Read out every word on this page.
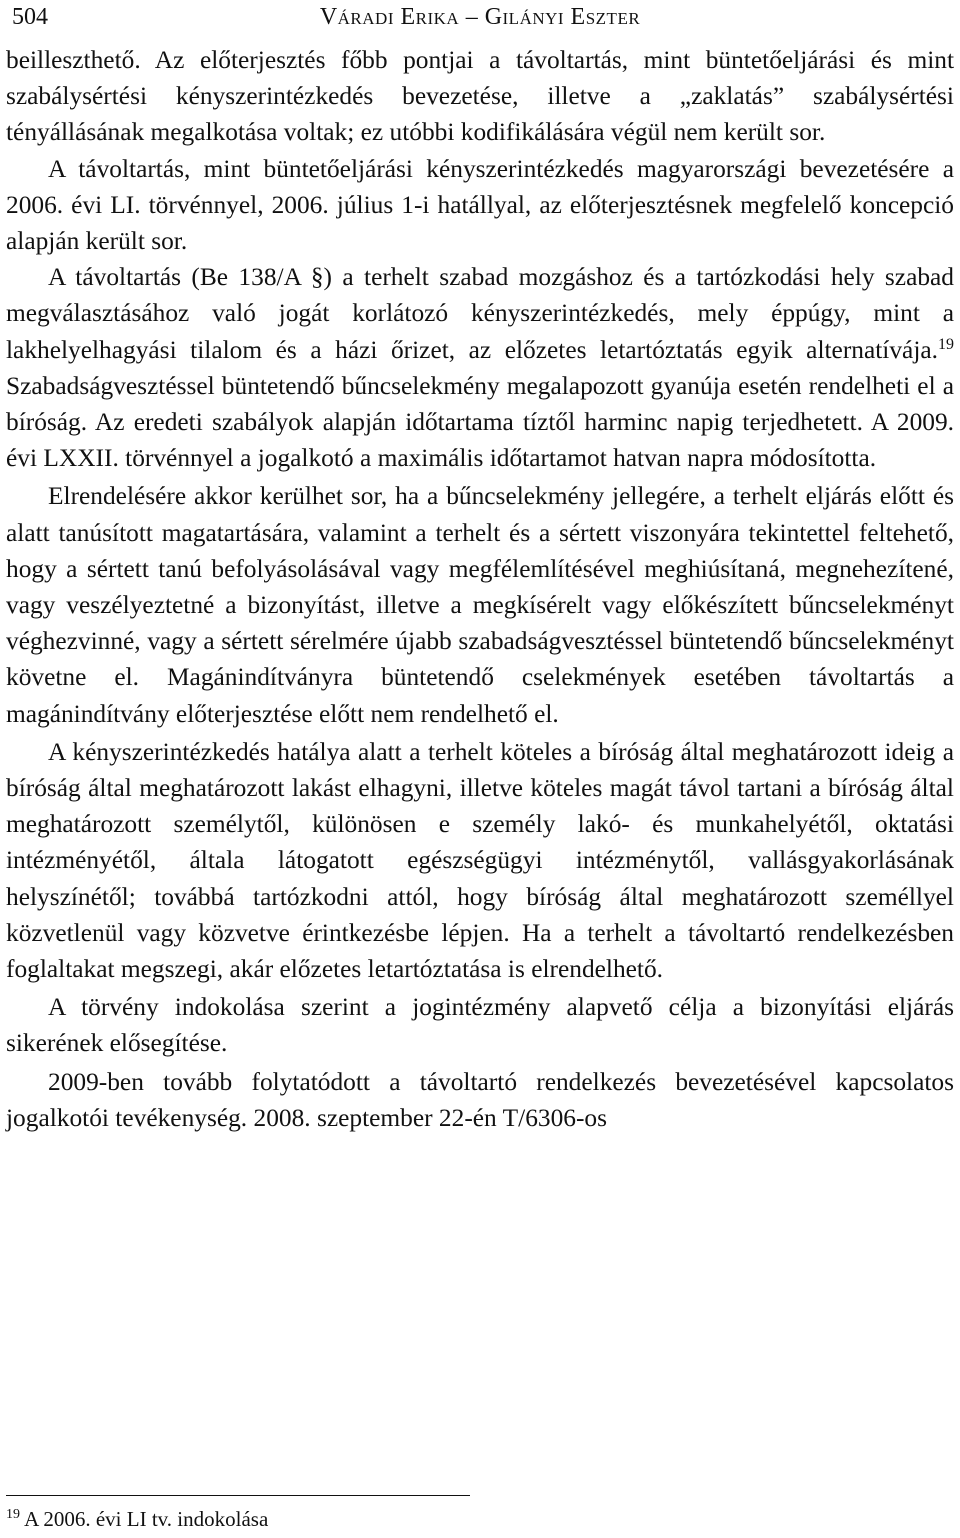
504	Váradi Erika – Gilányi Eszter

beilleszthető. Az előterjesztés főbb pontjai a távoltartás, mint büntetőeljárási és mint szabálysértési kényszerintézkedés bevezetése, illetve a „zaklatás” szabálysértési tényállásának megalkotása voltak; ez utóbbi kodifikálására végül nem került sor.

A távoltartás, mint büntetőeljárási kényszerintézkedés magyarországi bevezetésére a 2006. évi LI. törvénnyel, 2006. július 1-i hatállyal, az előterjesztésnek megfelelő koncepció alapján került sor.

A távoltartás (Be 138/A §) a terhelt szabad mozgáshoz és a tartózkodási hely szabad megválasztásához való jogát korlátozó kényszerintézkedés, mely éppúgy, mint a lakhelyelhagyási tilalom és a házi őrizet, az előzetes letartóztatás egyik alternatívája.$^{19}$ Szabadságvesztéssel büntetendő bűncselekmény megalapozott gyanúja esetén rendelheti el a bíróság. Az eredeti szabályok alapján időtartama tíztől harminc napig terjedhetett. A 2009. évi LXXII. törvénnyel a jogalkotó a maximális időtartamot hatvan napra módosította.

Elrendelésére akkor kerülhet sor, ha a bűncselekmény jellegére, a terhelt eljárás előtt és alatt tanúsított magatartására, valamint a terhelt és a sértett viszonyára tekintettel feltehető, hogy a sértett tanú befolyásolásával vagy megfélemlítésével meghiúsítaná, megnehezítené, vagy veszélyeztetné a bizonyítást, illetve a megkísérelt vagy előkészített bűncselekményt véghezvinné, vagy a sértett sérelmére újabb szabadságvesztéssel büntetendő bűncselekményt követne el. Magánindítványra büntetendő cselekmények esetében távoltartás a magánindítvány előterjesztése előtt nem rendelhető el.

A kényszerintézkedés hatálya alatt a terhelt köteles a bíróság által meghatározott ideig a bíróság által meghatározott lakást elhagyni, illetve köteles magát távol tartani a bíróság által meghatározott személytől, különösen e személy lakó- és munkahelyétől, oktatási intézményétől, általa látogatott egészségügyi intézménytől, vallásgyakorlásának helyszínétől; továbbá tartózkodni attól, hogy bíróság által meghatározott személlyel közvetlenül vagy közvetve érintkezésbe lépjen. Ha a terhelt a távoltartó rendelkezésben foglaltakat megszegi, akár előzetes letartóztatása is elrendelhető.

A törvény indokolása szerint a jogintézmény alapvető célja a bizonyítási eljárás sikerének elősegítése.

2009-ben tovább folytatódott a távoltartó rendelkezés bevezetésével kapcsolatos jogalkotói tevékenység. 2008. szeptember 22-én T/6306-os

$^{19}$ A 2006. évi LI tv. indokolása
